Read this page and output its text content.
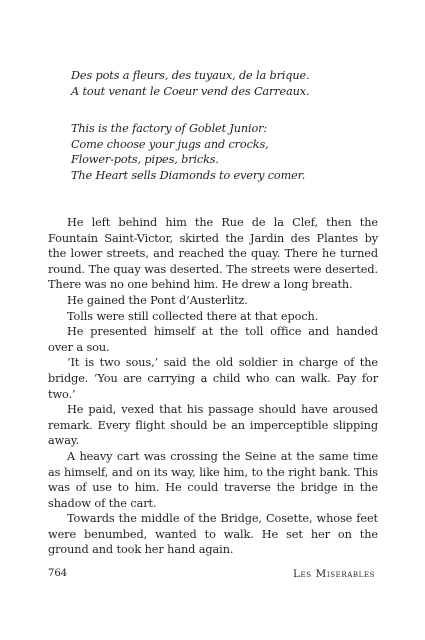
Des pots a fleurs, des tuyaux, de la brique.
A tout venant le Coeur vend des Carreaux.
This is the factory of Goblet Junior:
Come choose your jugs and crocks,
Flower-pots, pipes, bricks.
The Heart sells Diamonds to every comer.

He left behind him the Rue de la Clef, then the Fountain Saint-Victor, skirted the Jardin des Plantes by the lower streets, and reached the quay. There he turned round. The quay was deserted. The streets were deserted. There was no one behind him. He drew a long breath.

He gained the Pont d’Austerlitz.

Tolls were still collected there at that epoch.

He presented himself at the toll office and handed over a sou.

‘It is two sous,’ said the old soldier in charge of the bridge. ‘You are carrying a child who can walk. Pay for two.’

He paid, vexed that his passage should have aroused remark. Every flight should be an imperceptible slipping away.

A heavy cart was crossing the Seine at the same time as himself, and on its way, like him, to the right bank. This was of use to him. He could traverse the bridge in the shadow of the cart.

Towards the middle of the Bridge, Cosette, whose feet were benumbed, wanted to walk. He set her on the ground and took her hand again.

764	Les Miserables
